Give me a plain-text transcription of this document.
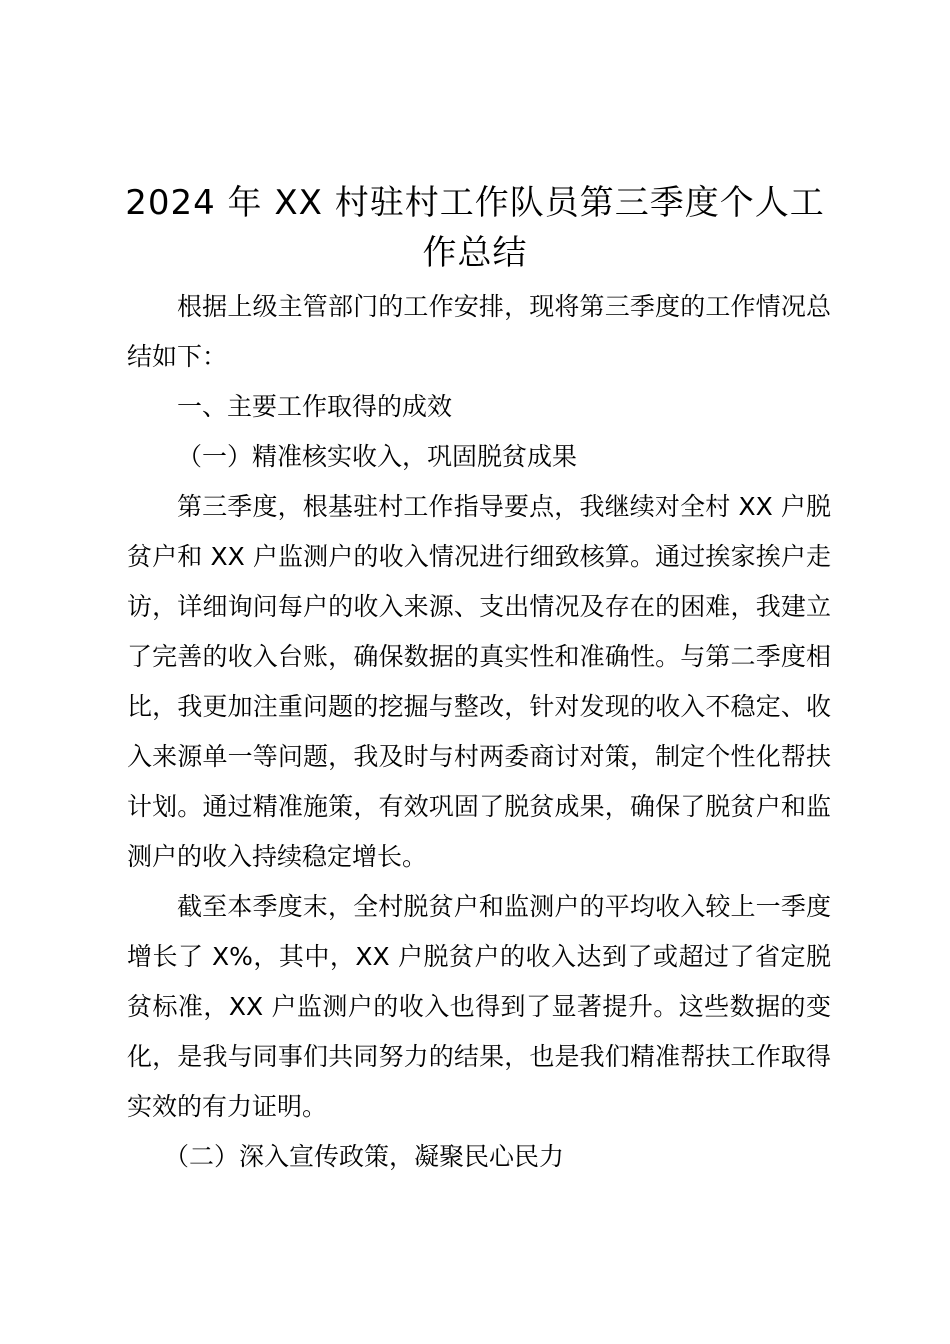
2024 年 XX 村驻村工作队员第三季度个人工
作总结

根据上级主管部门的工作安排，现将第三季度的工作情况总结如下：

一、主要工作取得的成效

（一）精准核实收入，巩固脱贫成果

第三季度，根基驻村工作指导要点，我继续对全村 XX 户脱贫户和 XX 户监测户的收入情况进行细致核算。通过挨家挨户走访，详细询问每户的收入来源、支出情况及存在的困难，我建立了完善的收入台账，确保数据的真实性和准确性。与第二季度相比，我更加注重问题的挖掘与整改，针对发现的收入不稳定、收入来源单一等问题，我及时与村两委商讨对策，制定个性化帮扶计划。通过精准施策，有效巩固了脱贫成果，确保了脱贫户和监测户的收入持续稳定增长。

截至本季度末，全村脱贫户和监测户的平均收入较上一季度增长了 X%，其中，XX 户脱贫户的收入达到了或超过了省定脱贫标准，XX 户监测户的收入也得到了显著提升。这些数据的变化，是我与同事们共同努力的结果，也是我们精准帮扶工作取得实效的有力证明。

（二）深入宣传政策，凝聚民心民力
